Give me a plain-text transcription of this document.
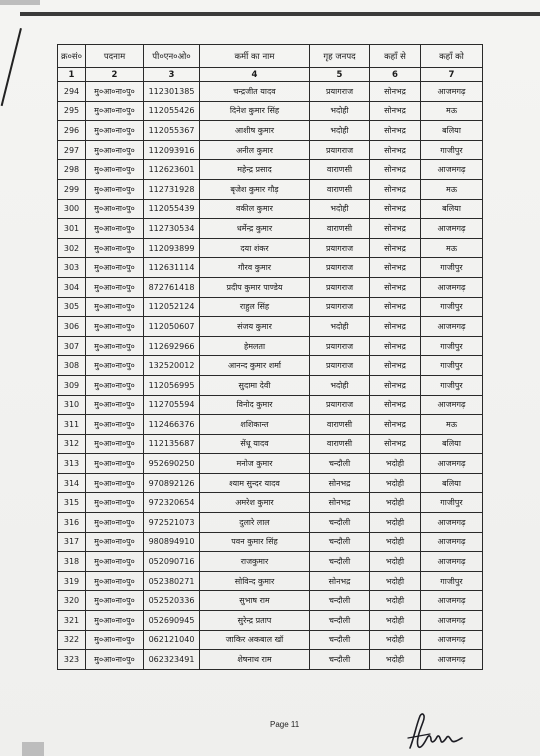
क्र०सं०	पदनाम	पी०एन०ओ०	कर्मी का नाम	गृह जनपद	कहाँ से	कहाँ को
1	2	3	4	5	6	7
294	मु०आ०ना०पु०	112301385	चन्द्रजीत यादव	प्रयागराज	सोनभद्र	आजमगढ़
295	मु०आ०ना०पु०	112055426	दिनेश कुमार सिंह	भदोही	सोनभद्र	मऊ
296	मु०आ०ना०पु०	112055367	आशीष कुमार	भदोही	सोनभद्र	बलिया
297	मु०आ०ना०पु०	112093916	अनील कुमार	प्रयागराज	सोनभद्र	गाजीपुर
298	मु०आ०ना०पु०	112623601	महेन्द्र प्रसाद	वाराणसी	सोनभद्र	आजमगढ़
299	मु०आ०ना०पु०	112731928	बृजेश कुमार गौड़	वाराणसी	सोनभद्र	मऊ
300	मु०आ०ना०पु०	112055439	वकील कुमार	भदोही	सोनभद्र	बलिया
301	मु०आ०ना०पु०	112730534	धर्मेन्द्र कुमार	वाराणसी	सोनभद्र	आजमगढ़
302	मु०आ०ना०पु०	112093899	दया शंकर	प्रयागराज	सोनभद्र	मऊ
303	मु०आ०ना०पु०	112631114	गौरव कुमार	प्रयागराज	सोनभद्र	गाजीपुर
304	मु०आ०ना०पु०	872761418	प्रदीप कुमार पाण्डेय	प्रयागराज	सोनभद्र	आजमगढ़
305	मु०आ०ना०पु०	112052124	राहुल सिंह	प्रयागराज	सोनभद्र	गाजीपुर
306	मु०आ०ना०पु०	112050607	संजय कुमार	भदोही	सोनभद्र	आजमगढ़
307	मु०आ०ना०पु०	112692966	हेमलता	प्रयागराज	सोनभद्र	गाजीपुर
308	मु०आ०ना०पु०	132520012	आनन्द कुमार शर्मा	प्रयागराज	सोनभद्र	गाजीपुर
309	मु०आ०ना०पु०	112056995	सुदामा देवी	भदोही	सोनभद्र	गाजीपुर
310	मु०आ०ना०पु०	112705594	विनोद कुमार	प्रयागराज	सोनभद्र	आजमगढ़
311	मु०आ०ना०पु०	112466376	शशिकान्त	वाराणसी	सोनभद्र	मऊ
312	मु०आ०ना०पु०	112135687	सेंधू यादव	वाराणसी	सोनभद्र	बलिया
313	मु०आ०ना०पु०	952690250	मनोज कुमार	चन्दौली	भदोही	आजमगढ़
314	मु०आ०ना०पु०	970892126	श्याम सुन्दर यादव	सोनभद्र	भदोही	बलिया
315	मु०आ०ना०पु०	972320654	अमरेश कुमार	सोनभद्र	भदोही	गाजीपुर
316	मु०आ०ना०पु०	972521073	दुलारे लाल	चन्दौली	भदोही	आजमगढ़
317	मु०आ०ना०पु०	980894910	पवन कुमार सिंह	चन्दौली	भदोही	आजमगढ़
318	मु०आ०ना०पु०	052090716	राजकुमार	चन्दौली	भदोही	आजमगढ़
319	मु०आ०ना०पु०	052380271	सोविन्द कुमार	सोनभद्र	भदोही	गाजीपुर
320	मु०आ०ना०पु०	052520336	सुभाष राम	चन्दौली	भदोही	आजमगढ़
321	मु०आ०ना०पु०	052690945	सुरेन्द्र प्रताप	चन्दौली	भदोही	आजमगढ़
322	मु०आ०ना०पु०	062121040	जाकिर अकबाल खॉ	चन्दौली	भदोही	आजमगढ़
323	मु०आ०ना०पु०	062323491	शेषनाथ राम	चन्दौली	भदोही	आजमगढ़
Page 11
